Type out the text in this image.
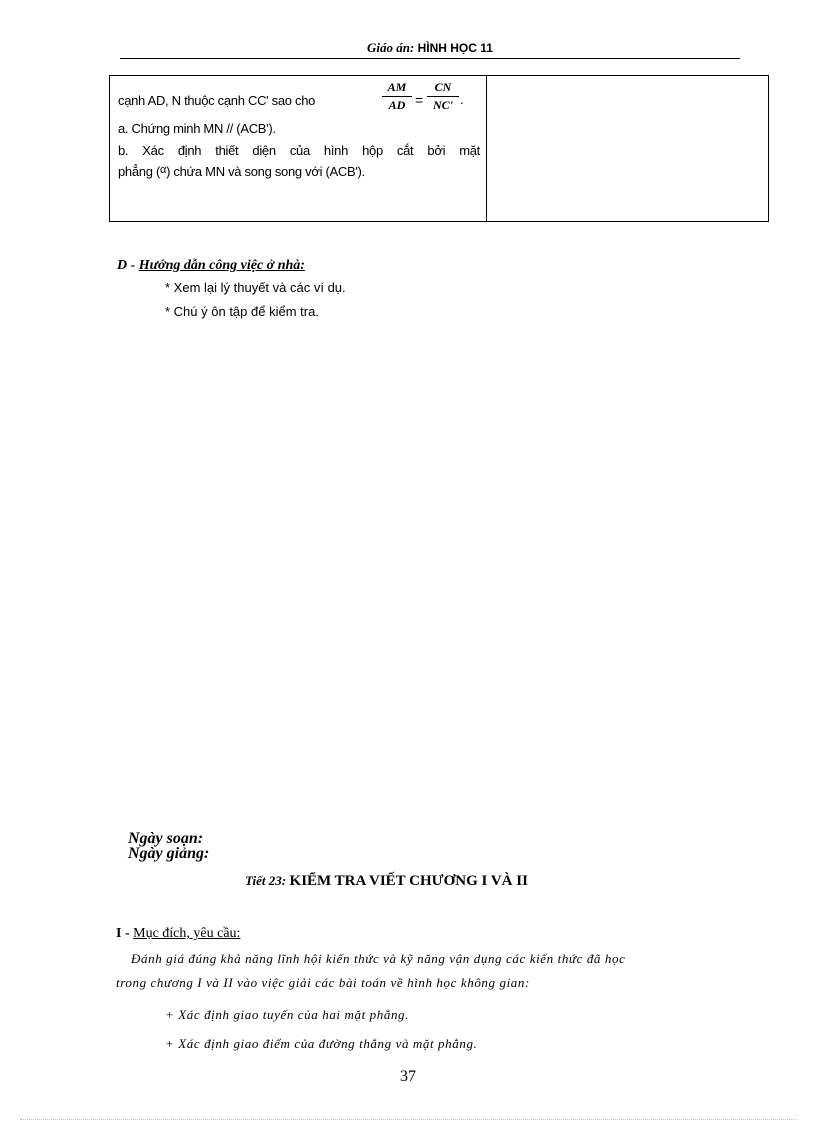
Giáo án: HÌNH HỌC 11
cạnh AD, N thuộc cạnh CC' sao cho
AM
AD =
CN
NC' .
a. Chứng minh MN // (ACB').
b. Xác định thiết diện của hình hộp cắt bởi mặt
phẳng ($^\alpha$) chứa MN và song song với (ACB').
D - Hướng dẫn công việc ở nhà:
* Xem lại lý thuyết và các ví dụ.
* Chú ý ôn tập để kiểm tra.
Ngày soạn:
Ngày giảng:
Tiết 23: KIỂM TRA VIẾT CHƯƠNG I VÀ II
I - Mục đích, yêu cầu:
Đánh giá đúng khả năng lĩnh hội kiến thức và kỹ năng vận dụng các kiến thức đã học
trong chương I và II vào việc giải các bài toán về hình học không gian:
+ Xác định giao tuyến của hai mặt phẳng.
+ Xác định giao điểm của đường thẳng và mặt phẳng.
37
